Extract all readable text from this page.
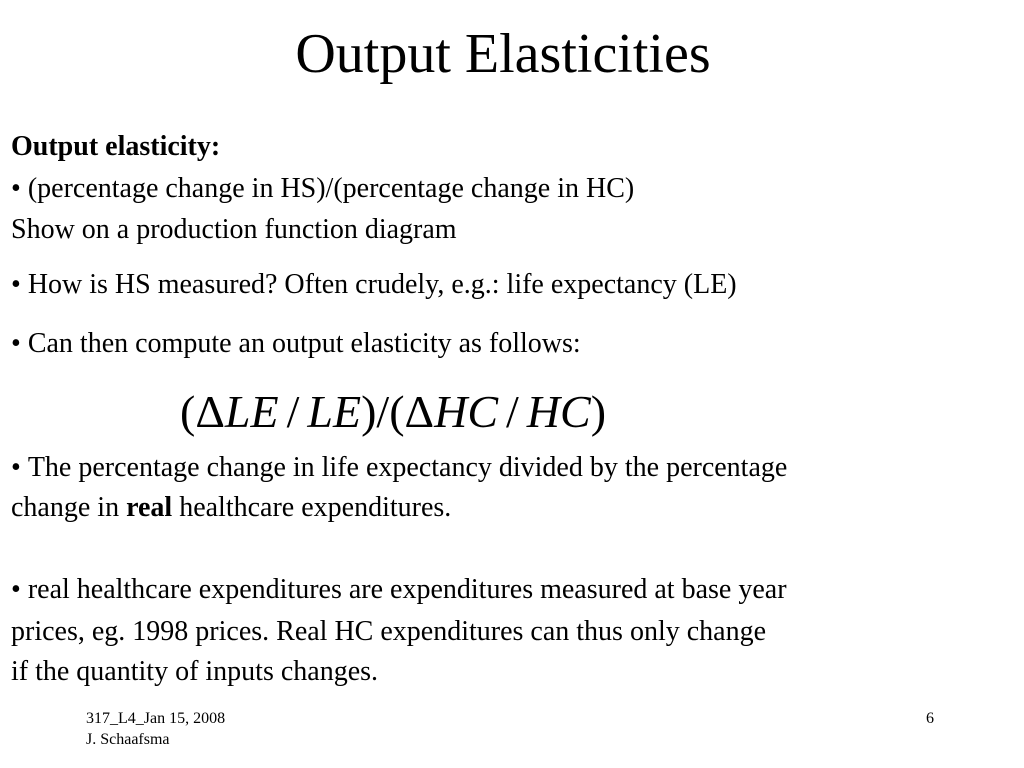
Output Elasticities

Output elasticity:

• (percentage change in HS)/(percentage change in HC)

Show on a production function diagram

• How is HS measured? Often crudely, e.g.: life expectancy (LE)

• Can then compute an output elasticity as follows:

(ΔLE / LE)/(ΔHC / HC)

• The percentage change in life expectancy divided by the percentage

change in real healthcare expenditures.

• real healthcare expenditures are expenditures measured at base year

prices, eg. 1998 prices. Real HC expenditures can thus only change

if the quantity of inputs changes.

317_L4_Jan 15, 2008
J. Schaafsma
6
